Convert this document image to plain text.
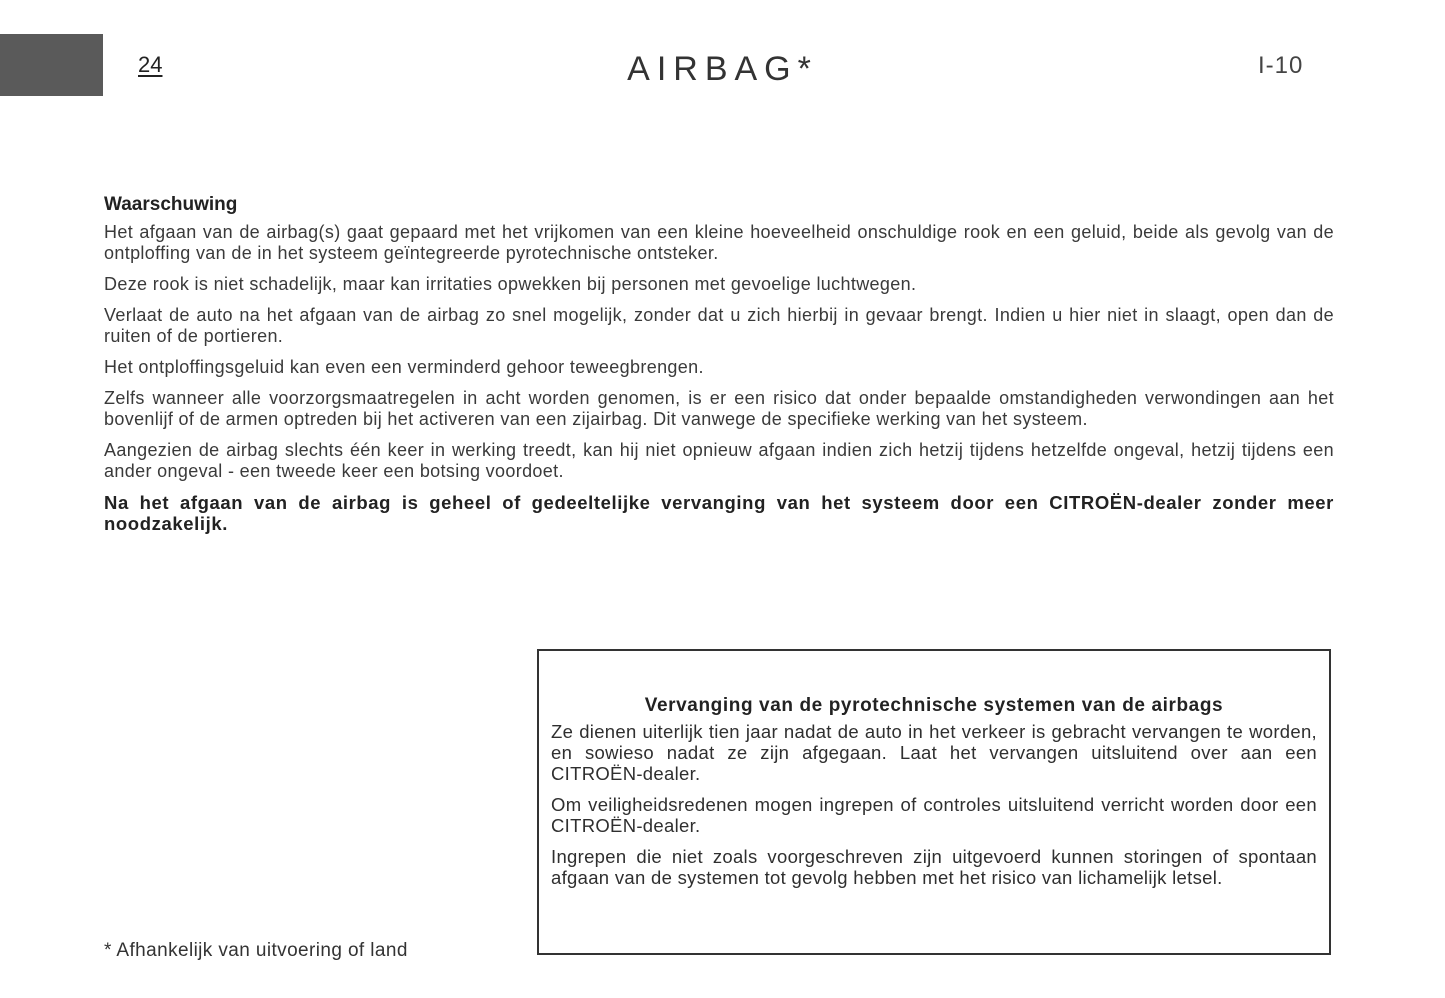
24	AIRBAG*	I-10
Waarschuwing

Het afgaan van de airbag(s) gaat gepaard met het vrijkomen van een kleine hoeveelheid onschuldige rook en een geluid, beide als gevolg van de ontploffing van de in het systeem geïntegreerde pyrotechnische ontsteker.

Deze rook is niet schadelijk, maar kan irritaties opwekken bij personen met gevoelige luchtwegen.

Verlaat de auto na het afgaan van de airbag zo snel mogelijk, zonder dat u zich hierbij in gevaar brengt. Indien u hier niet in slaagt, open dan de ruiten of de portieren.

Het ontploffingsgeluid kan even een verminderd gehoor teweegbrengen.

Zelfs wanneer alle voorzorgsmaatregelen in acht worden genomen, is er een risico dat onder bepaalde omstandigheden verwondingen aan het bovenlijf of de armen optreden bij het activeren van een zijairbag. Dit vanwege de specifieke werking van het systeem.

Aangezien de airbag slechts één keer in werking treedt, kan hij niet opnieuw afgaan indien zich hetzij tijdens hetzelfde ongeval, hetzij tijdens een ander ongeval - een tweede keer een botsing voordoet.

Na het afgaan van de airbag is geheel of gedeeltelijke vervanging van het systeem door een CITROËN-dealer zonder meer noodzakelijk.

Vervanging van de pyrotechnische systemen van de airbags

Ze dienen uiterlijk tien jaar nadat de auto in het verkeer is gebracht vervangen te worden, en sowieso nadat ze zijn afgegaan. Laat het vervangen uitsluitend over aan een CITROËN-dealer.

Om veiligheidsredenen mogen ingrepen of controles uitsluitend verricht worden door een CITROËN-dealer.

Ingrepen die niet zoals voorgeschreven zijn uitgevoerd kunnen storingen of spontaan afgaan van de systemen tot gevolg hebben met het risico van lichamelijk letsel.

* Afhankelijk van uitvoering of land
